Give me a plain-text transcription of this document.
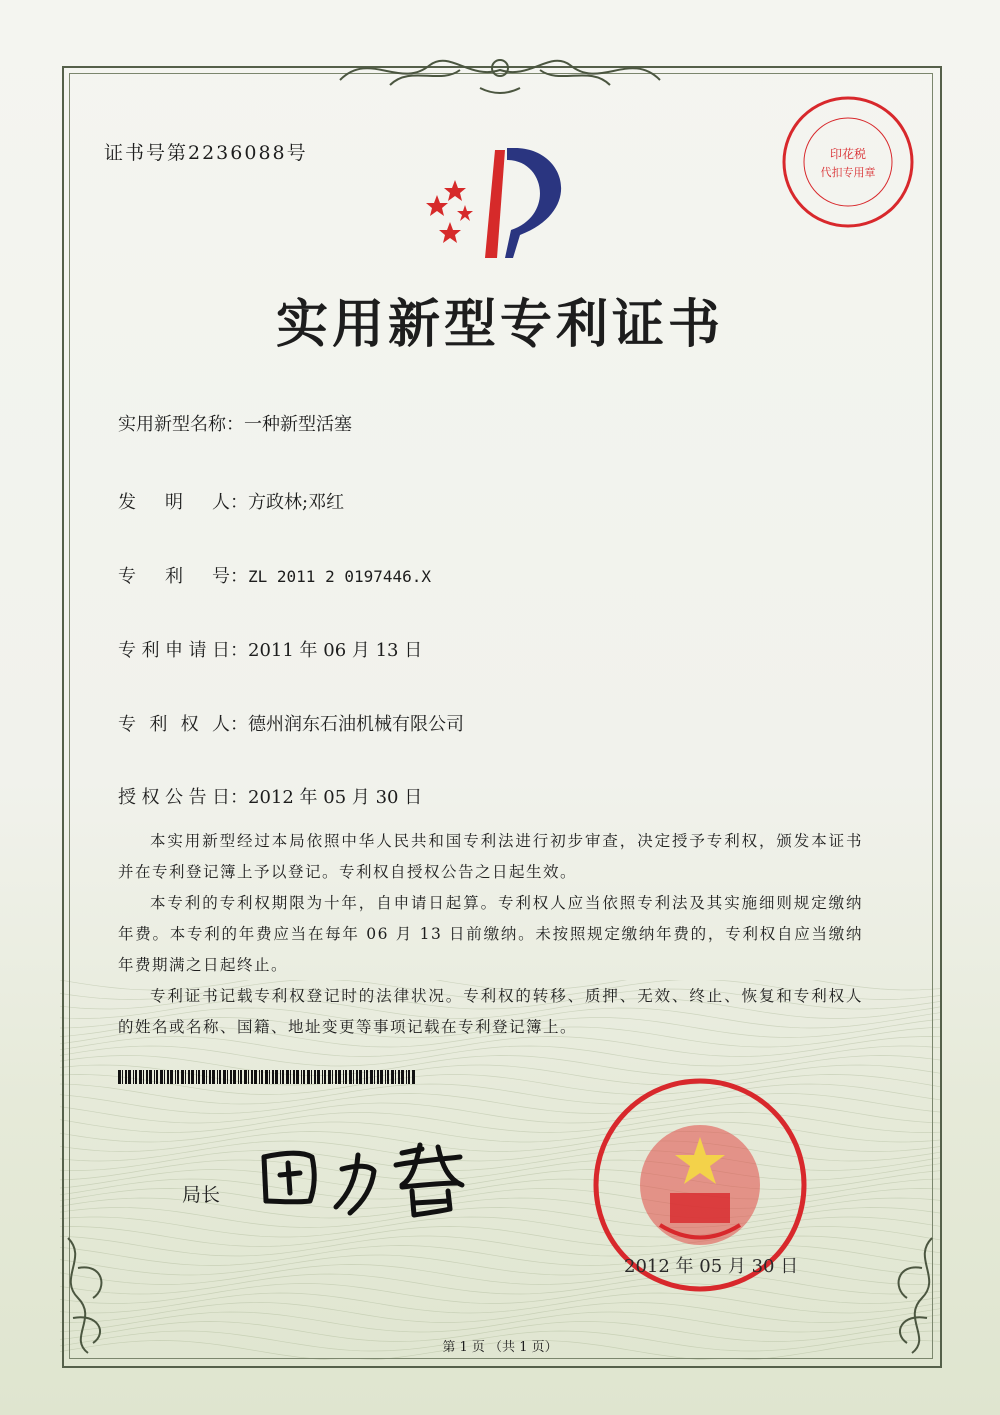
证书号第2236088号	印花税
代扣专用章
实用新型专利证书
实用新型名称：一种新型活塞
发 明 人 ：方政林;邓红
专 利 号 ：ZL 2011 2 0197446.X
专 利 申 请 日 ：2011 年 06 月 13 日
专 利 权 人 ：德州润东石油机械有限公司
授 权 公 告 日 ：2012 年 05 月 30 日

本实用新型经过本局依照中华人民共和国专利法进行初步审查，决定授予专利权，颁发本证书并在专利登记簿上予以登记。专利权自授权公告之日起生效。

本专利的专利权期限为十年，自申请日起算。专利权人应当依照专利法及其实施细则规定缴纳年费。本专利的年费应当在每年 06 月 13 日前缴纳。未按照规定缴纳年费的，专利权自应当缴纳年费期满之日起终止。

专利证书记载专利权登记时的法律状况。专利权的转移、质押、无效、终止、恢复和专利权人的姓名或名称、国籍、地址变更等事项记载在专利登记簿上。

局长
2012 年 05 月 30 日
第 1 页 （共 1 页）
